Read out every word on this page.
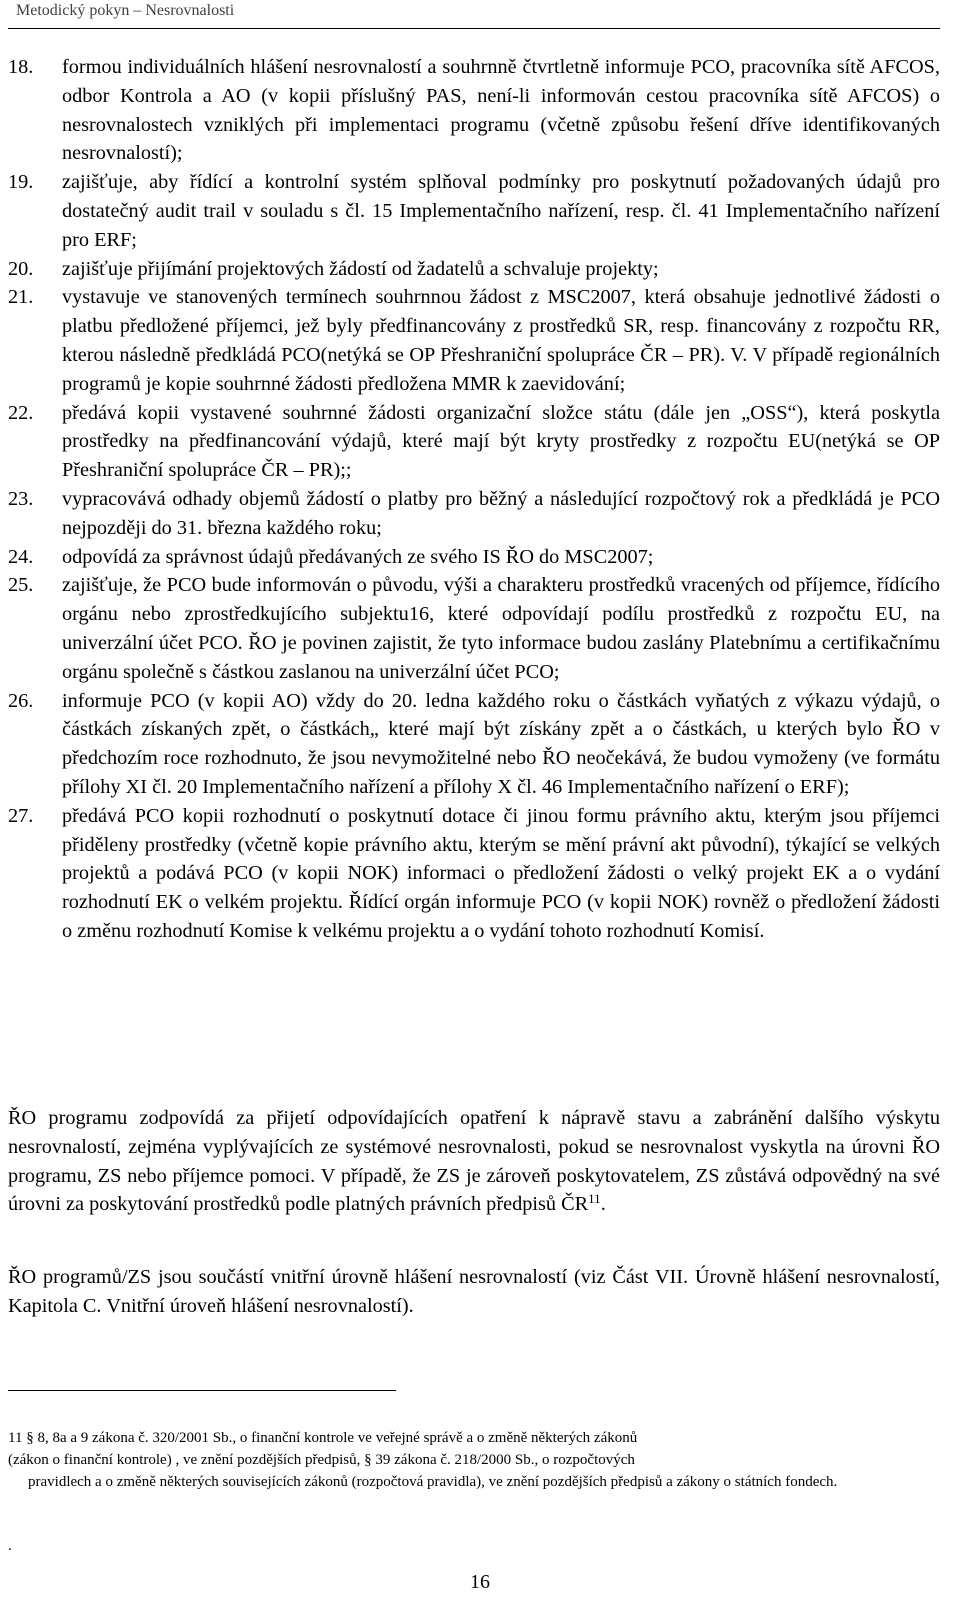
Metodický pokyn – Nesrovnalosti
18.	formou individuálních hlášení nesrovnalostí a souhrnně čtvrtletně informuje PCO, pracovníka sítě AFCOS, odbor Kontrola a AO (v kopii příslušný PAS, není-li informován cestou pracovníka sítě AFCOS) o nesrovnalostech vzniklých při implementaci programu (včetně způsobu řešení dříve identifikovaných nesrovnalostí);
19.	zajišťuje, aby řídící a kontrolní systém splňoval podmínky pro poskytnutí požadovaných údajů pro dostatečný audit trail v souladu s čl. 15 Implementačního nařízení, resp. čl. 41 Implementačního nařízení pro ERF;
20.	zajišťuje přijímání projektových žádostí od žadatelů a schvaluje projekty;
21.	vystavuje ve stanovených termínech souhrnnou žádost z MSC2007, která obsahuje jednotlivé žádosti o platbu předložené příjemci, jež byly předfinancovány z prostředků SR, resp. financovány z rozpočtu RR, kterou následně předkládá PCO(netýká se OP Přeshraniční spolupráce ČR – PR). V. V případě regionálních programů je kopie souhrnné žádosti předložena MMR k zaevidování;
22.	předává kopii vystavené souhrnné žádosti organizační složce státu (dále jen „OSS“), která poskytla prostředky na předfinancování výdajů, které mají být kryty prostředky z rozpočtu EU(netýká se OP Přeshraniční spolupráce ČR – PR);;
23.	vypracovává odhady objemů žádostí o platby pro běžný a následující rozpočtový rok a předkládá je PCO nejpozději do 31. března každého roku;
24.	odpovídá za správnost údajů předávaných ze svého IS ŘO do MSC2007;
25.	zajišťuje, že PCO bude informován o původu, výši a charakteru prostředků vracených od příjemce, řídícího orgánu nebo zprostředkujícího subjektu16, které odpovídají podílu prostředků z rozpočtu EU, na univerzální účet PCO. ŘO je povinen zajistit, že tyto informace budou zaslány Platebnímu a certifikačnímu orgánu společně s částkou zaslanou na univerzální účet PCO;
26.	informuje PCO (v kopii AO) vždy do 20. ledna každého roku o částkách vyňatých z výkazu výdajů, o částkách získaných zpět, o částkách„ které mají být získány zpět a o částkách, u kterých bylo ŘO v předchozím roce rozhodnuto, že jsou nevymožitelné nebo ŘO neočekává, že budou vymoženy (ve formátu přílohy XI čl. 20 Implementačního nařízení a přílohy X čl. 46 Implementačního nařízení o ERF);
27.	předává PCO kopii rozhodnutí o poskytnutí dotace či jinou formu právního aktu, kterým jsou příjemci přiděleny prostředky (včetně kopie právního aktu, kterým se mění právní akt původní), týkající se velkých projektů a podává PCO (v kopii NOK) informaci o předložení žádosti o velký projekt EK a o vydání rozhodnutí EK o velkém projektu. Řídící orgán informuje PCO (v kopii NOK) rovněž o předložení žádosti o změnu rozhodnutí Komise k velkému projektu a o vydání tohoto rozhodnutí Komisí.

ŘO programu zodpovídá za přijetí odpovídajících opatření k nápravě stavu a zabránění dalšího výskytu nesrovnalostí, zejména vyplývajících ze systémové nesrovnalosti, pokud se nesrovnalost vyskytla na úrovni ŘO programu, ZS nebo příjemce pomoci. V případě, že ZS je zároveň poskytovatelem, ZS zůstává odpovědný na své úrovni za poskytování prostředků podle platných právních předpisů ČR$^{11}$.

ŘO programů/ZS jsou součástí vnitřní úrovně hlášení nesrovnalostí (viz Část VII. Úrovně hlášení nesrovnalostí, Kapitola C. Vnitřní úroveň hlášení nesrovnalostí).

11 § 8, 8a a 9 zákona č. 320/2001 Sb., o finanční kontrole ve veřejné správě a o změně některých zákonů
(zákon o finanční kontrole) , ve znění pozdějších předpisů, § 39 zákona č. 218/2000 Sb., o rozpočtových
pravidlech a o změně některých souvisejících zákonů (rozpočtová pravidla), ve znění pozdějších předpisů a zákony o státních fondech.
.
16
